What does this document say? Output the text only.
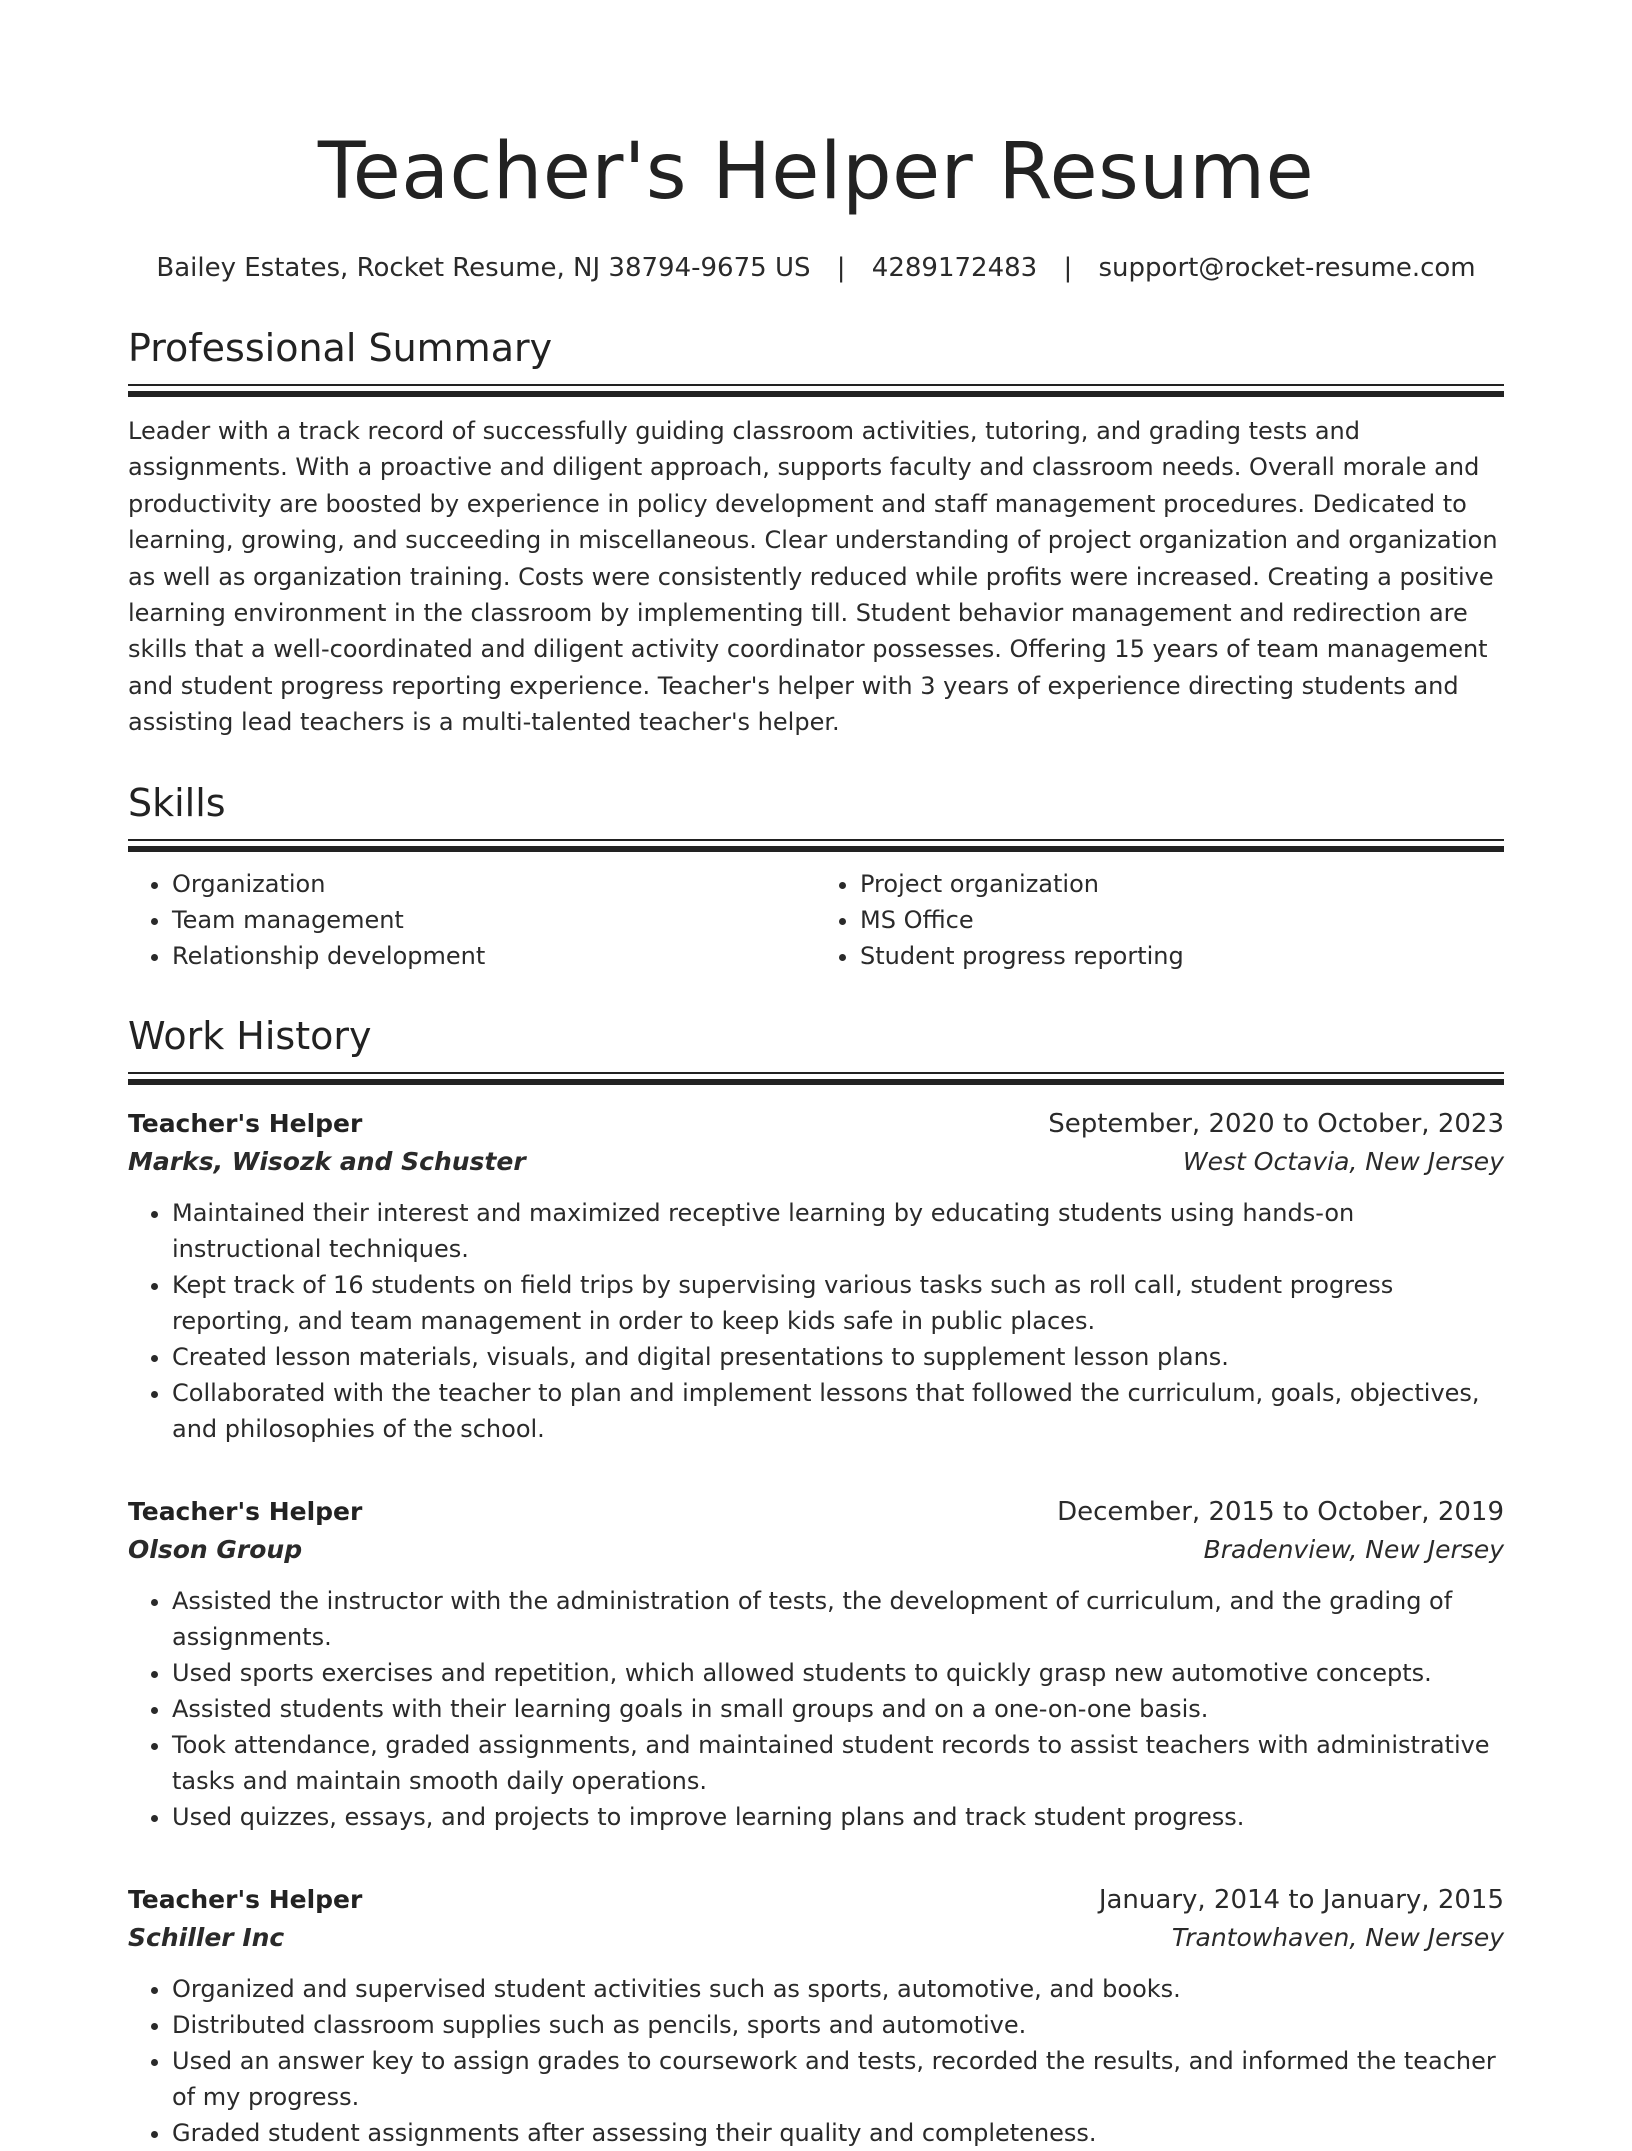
Teacher's Helper Resume
Bailey Estates, Rocket Resume, NJ 38794-9675 US | 4289172483 | support@rocket-resume.com
Professional Summary
Leader with a track record of successfully guiding classroom activities, tutoring, and grading tests and assignments. With a proactive and diligent approach, supports faculty and classroom needs. Overall morale and productivity are boosted by experience in policy development and staff management procedures. Dedicated to learning, growing, and succeeding in miscellaneous. Clear understanding of project organization and organization as well as organization training. Costs were consistently reduced while profits were increased. Creating a positive learning environment in the classroom by implementing till. Student behavior management and redirection are skills that a well-coordinated and diligent activity coordinator possesses. Offering 15 years of team management and student progress reporting experience. Teacher's helper with 3 years of experience directing students and assisting lead teachers is a multi-talented teacher's helper.
Skills
• Organization
• Team management
• Relationship development
• Project organization
• MS Office
• Student progress reporting
Work History
Teacher's Helper	September, 2020 to October, 2023
Marks, Wisozk and Schuster	West Octavia, New Jersey
• Maintained their interest and maximized receptive learning by educating students using hands-on instructional techniques.
• Kept track of 16 students on field trips by supervising various tasks such as roll call, student progress reporting, and team management in order to keep kids safe in public places.
• Created lesson materials, visuals, and digital presentations to supplement lesson plans.
• Collaborated with the teacher to plan and implement lessons that followed the curriculum, goals, objectives, and philosophies of the school.
Teacher's Helper	December, 2015 to October, 2019
Olson Group	Bradenview, New Jersey
• Assisted the instructor with the administration of tests, the development of curriculum, and the grading of assignments.
• Used sports exercises and repetition, which allowed students to quickly grasp new automotive concepts.
• Assisted students with their learning goals in small groups and on a one-on-one basis.
• Took attendance, graded assignments, and maintained student records to assist teachers with administrative tasks and maintain smooth daily operations.
• Used quizzes, essays, and projects to improve learning plans and track student progress.
Teacher's Helper	January, 2014 to January, 2015
Schiller Inc	Trantowhaven, New Jersey
• Organized and supervised student activities such as sports, automotive, and books.
• Distributed classroom supplies such as pencils, sports and automotive.
• Used an answer key to assign grades to coursework and tests, recorded the results, and informed the teacher of my progress.
• Graded student assignments after assessing their quality and completeness.
